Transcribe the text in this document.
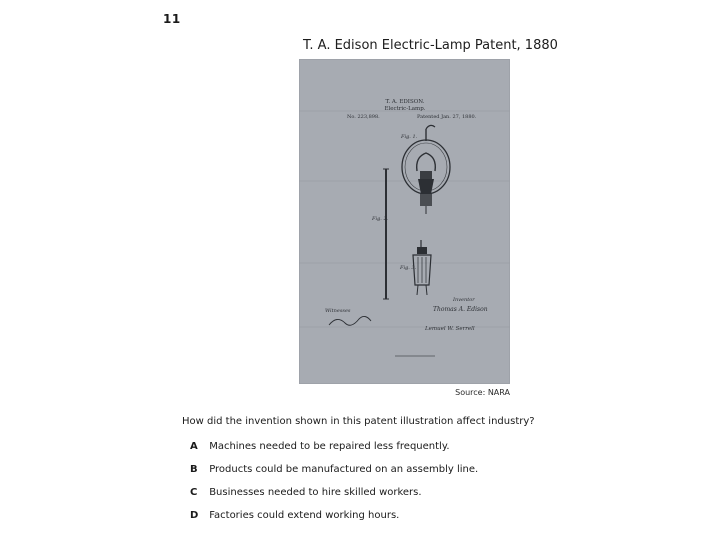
11
T. A. Edison Electric-Lamp Patent, 1880
T. A. EDISON.
Electric-Lamp.
No. 223,898.	Patented Jan. 27, 1880.
Fig. 1.
Fig. 2.
Fig. 3.
Witnesses
Inventor
Thomas A. Edison
Lemuel W. Serrell
Source: NARA
How did the invention shown in this patent illustration affect industry?
A Machines needed to be repaired less frequently.
B Products could be manufactured on an assembly line.
C Businesses needed to hire skilled workers.
D Factories could extend working hours.
